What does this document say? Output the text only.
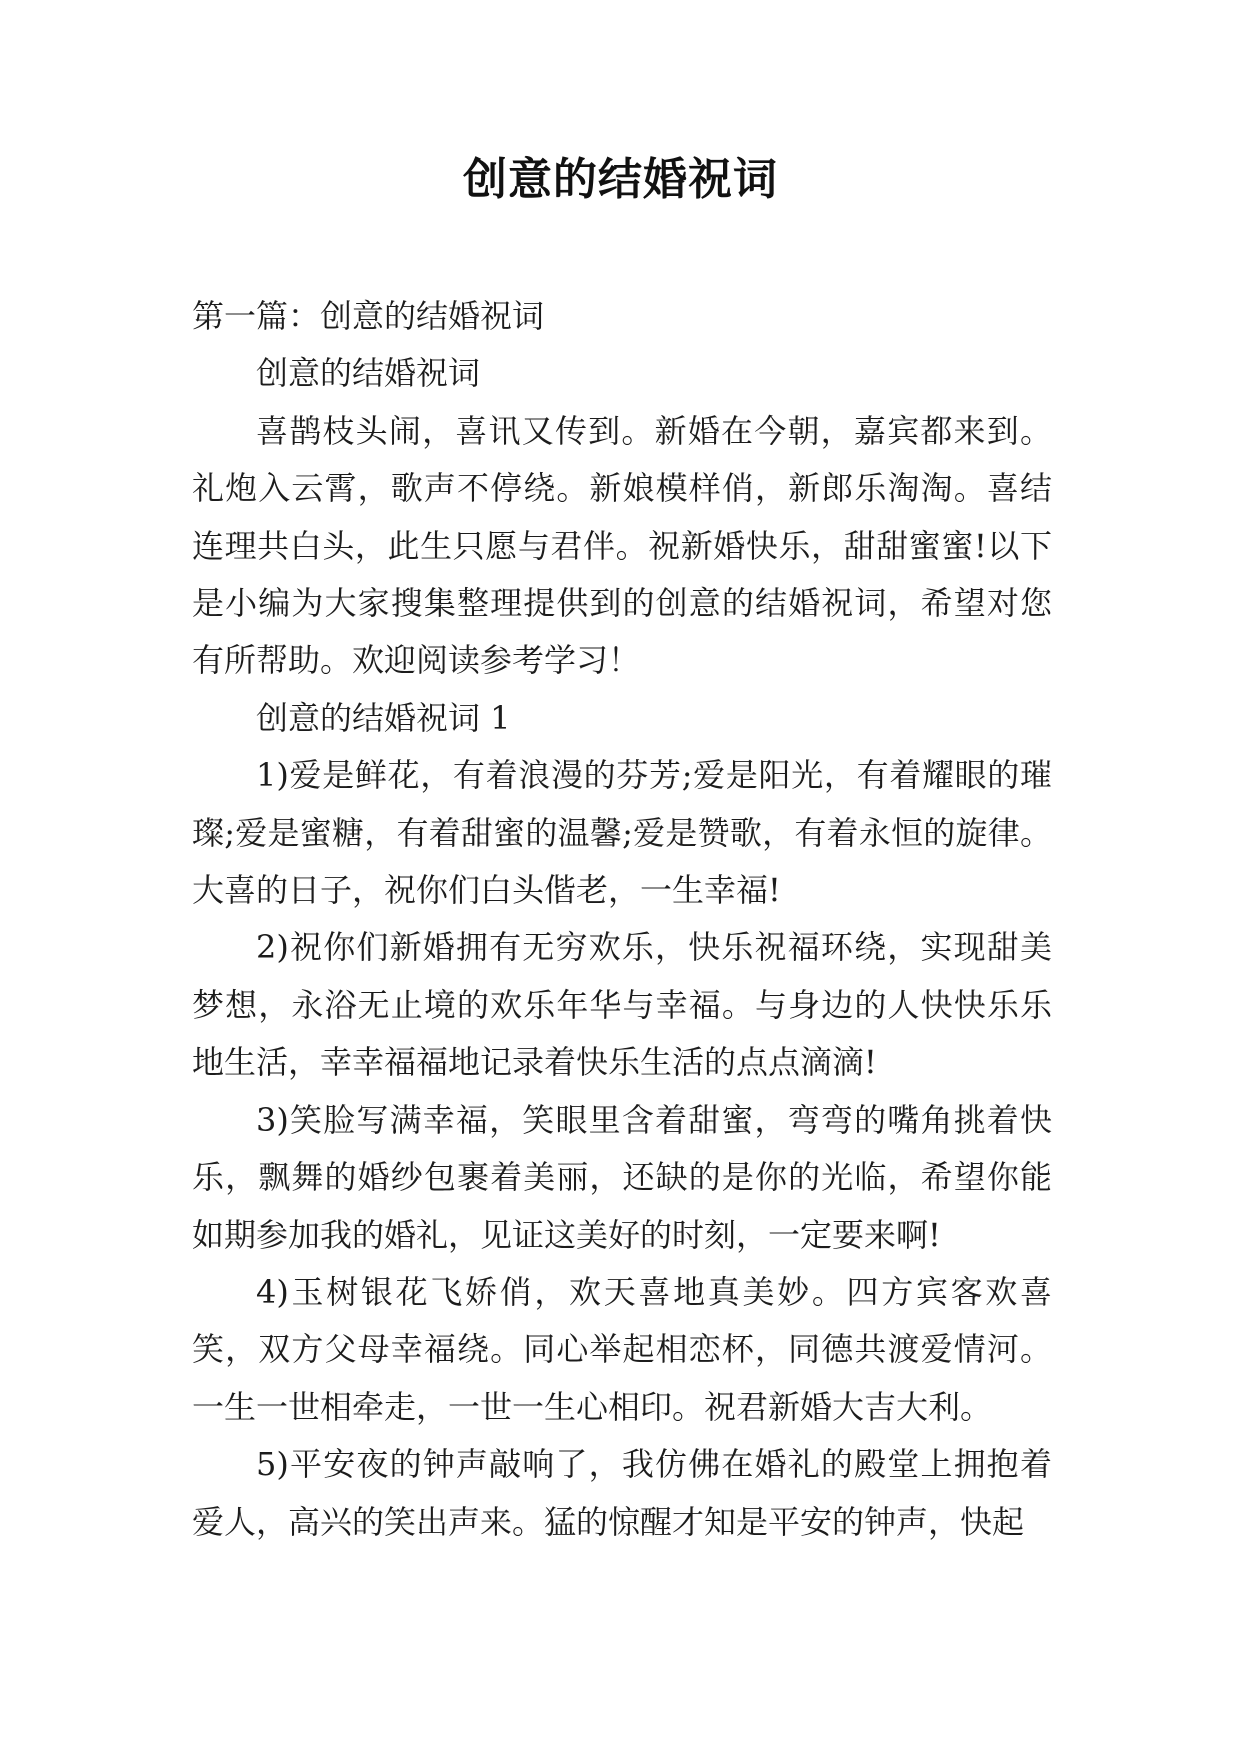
创意的结婚祝词

第一篇：创意的结婚祝词

创意的结婚祝词

喜鹊枝头闹，喜讯又传到。新婚在今朝，嘉宾都来到。礼炮入云霄，歌声不停绕。新娘模样俏，新郎乐淘淘。喜结连理共白头，此生只愿与君伴。祝新婚快乐，甜甜蜜蜜!以下是小编为大家搜集整理提供到的创意的结婚祝词，希望对您有所帮助。欢迎阅读参考学习！

创意的结婚祝词 1

1)爱是鲜花，有着浪漫的芬芳;爱是阳光，有着耀眼的璀璨;爱是蜜糖，有着甜蜜的温馨;爱是赞歌，有着永恒的旋律。大喜的日子，祝你们白头偕老，一生幸福!

2)祝你们新婚拥有无穷欢乐，快乐祝福环绕，实现甜美梦想，永浴无止境的欢乐年华与幸福。与身边的人快快乐乐地生活，幸幸福福地记录着快乐生活的点点滴滴!

3)笑脸写满幸福，笑眼里含着甜蜜，弯弯的嘴角挑着快乐，飘舞的婚纱包裹着美丽，还缺的是你的光临，希望你能如期参加我的婚礼，见证这美好的时刻，一定要来啊!

4)玉树银花飞娇俏，欢天喜地真美妙。四方宾客欢喜笑，双方父母幸福绕。同心举起相恋杯，同德共渡爱情河。一生一世相牵走，一世一生心相印。祝君新婚大吉大利。

5)平安夜的钟声敲响了，我仿佛在婚礼的殿堂上拥抱着爱人，高兴的笑出声来。猛的惊醒才知是平安的钟声，快起
